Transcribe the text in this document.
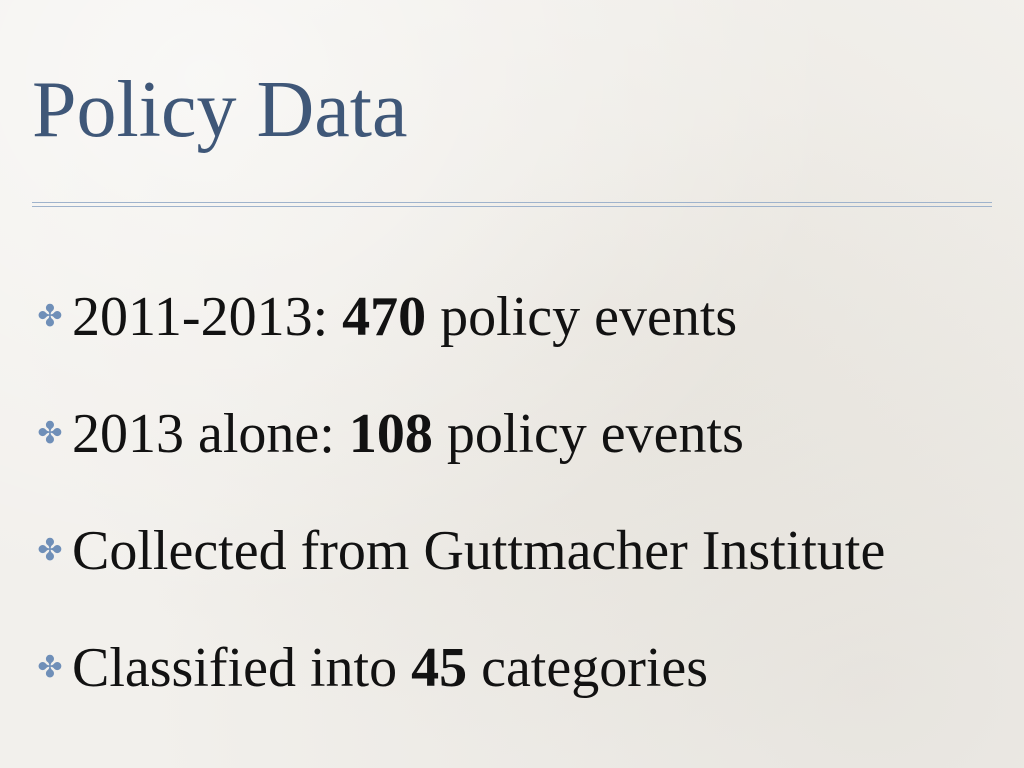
Policy Data
✤ 2011-2013: 470 policy events
✤ 2013 alone: 108 policy events
✤ Collected from Guttmacher Institute
✤ Classified into 45 categories
